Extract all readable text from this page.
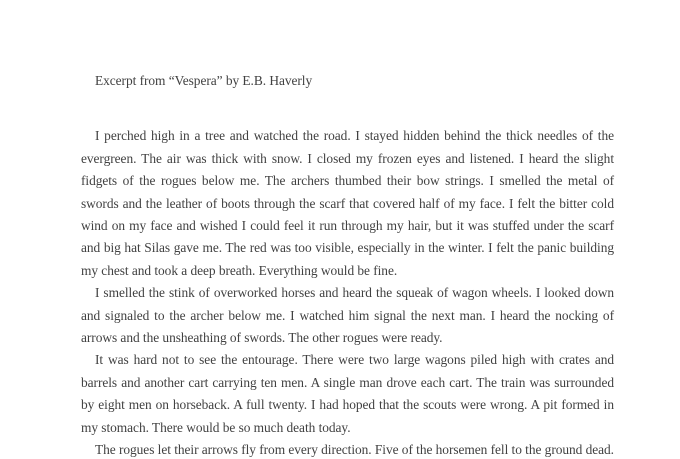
Excerpt from “Vespera” by E.B. Haverly

I perched high in a tree and watched the road. I stayed hidden behind the thick needles of the evergreen. The air was thick with snow. I closed my frozen eyes and listened. I heard the slight fidgets of the rogues below me. The archers thumbed their bow strings. I smelled the metal of swords and the leather of boots through the scarf that covered half of my face. I felt the bitter cold wind on my face and wished I could feel it run through my hair, but it was stuffed under the scarf and big hat Silas gave me. The red was too visible, especially in the winter. I felt the panic building my chest and took a deep breath. Everything would be fine.

I smelled the stink of overworked horses and heard the squeak of wagon wheels. I looked down and signaled to the archer below me. I watched him signal the next man. I heard the nocking of arrows and the unsheathing of swords. The other rogues were ready.

It was hard not to see the entourage. There were two large wagons piled high with crates and barrels and another cart carrying ten men. A single man drove each cart. The train was surrounded by eight men on horseback. A full twenty. I had hoped that the scouts were wrong. A pit formed in my stomach. There would be so much death today.

The rogues let their arrows fly from every direction. Five of the horsemen fell to the ground dead.
